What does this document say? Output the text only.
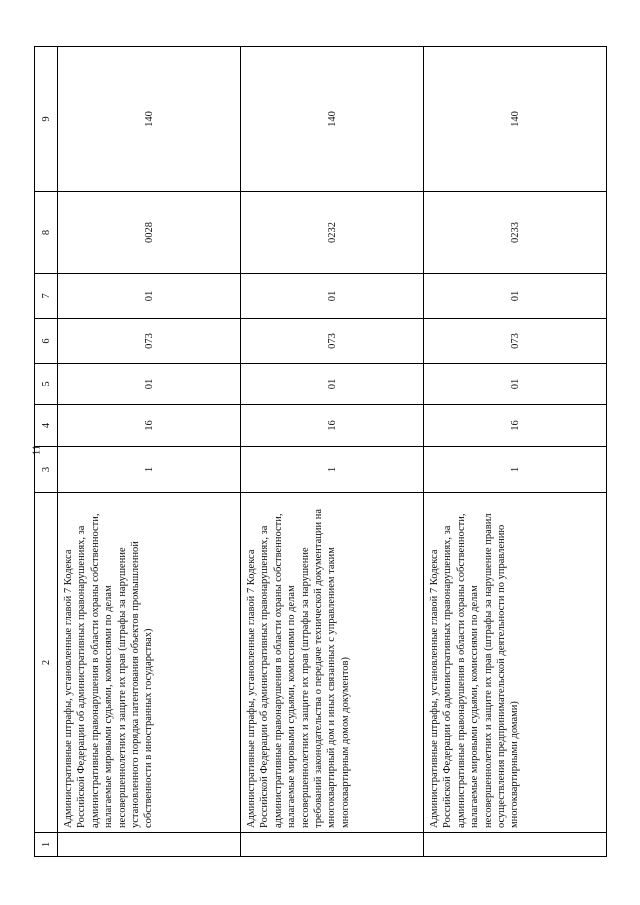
11
1	2	3	4	5	6	7	8	9
	Административные штрафы, установленные главой 7 Кодекса Российской Федерации об административных правонарушениях, за административные правонарушения в области охраны собственности, налагаемые мировыми судьями, комиссиями по делам несовершеннолетних и защите их прав (штрафы за нарушение установленного порядка патентования объектов промышленной собственности в иностранных государствах)	1	16	01	073	01	0028	140
	Административные штрафы, установленные главой 7 Кодекса Российской Федерации об административных правонарушениях, за административные правонарушения в области охраны собственности, налагаемые мировыми судьями, комиссиями по делам несовершеннолетних и защите их прав (штрафы за нарушение требований законодательства о передаче технической документации на многоквартирный дом и иных связанных с управлением таким многоквартирным домом документов)	1	16	01	073	01	0232	140
	Административные штрафы, установленные главой 7 Кодекса Российской Федерации об административных правонарушениях, за административные правонарушения в области охраны собственности, налагаемые мировыми судьями, комиссиями по делам несовершеннолетних и защите их прав (штрафы за нарушение правил осуществления предпринимательской деятельности по управлению многоквартирными домами)	1	16	01	073	01	0233	140
